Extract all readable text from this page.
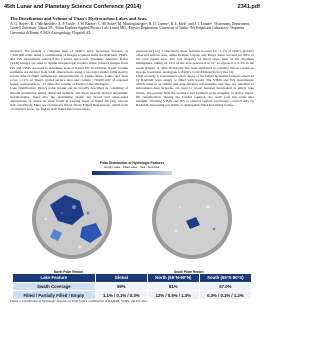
45th Lunar and Planetary Science Conference (2014)	2341.pdf
The Distribution and Volume of Titan’s Hydrocarbon Lakes and Seas.
A. G. Hayes¹, R. J. Michaelides¹, E. P. Turtle², J. W. Barnes³, C. M. Sotin⁴, M. Mastrogiuseppe⁵, R. D. Lorenz², R. L. Kirk⁶, and J. I. Lunine¹. ¹Astronomy Department, Cornell University, Ithaca NY; ²Johns Hopkins Applied Physics Lab; Laurel MD; ³Physics Department, University of Idaho; ⁴Jet Propulsion Laboratory; ⁵Sapienza Università di Roma; ⁶USGS Astrogeology, Flagstaff AZ.

Abstract: We present a complete map of Titan’s polar lacustrine features, at 1:100,000 scale, using a combination of images acquired using the RADAR, VIMS, and ISS instruments onboard the Cassini spacecraft. Synthetic Aperture Radar (SAR) images are used to define morphologic borders while infrared images from ISS and VIMS are used to determine state of liquid fill. In addition, liquid volume estimates are derived from SAR observations using a two-layer model calibrated by recent time-of-flight bathymetric measurements of Ligeia Mare. Lakes and Seas cover ~1.1% of Titan’s global surface area and contain ~70,000 km³ of exposed liquid, comparable to ~15 times the volume of Earth’s Lake Michigan.

Lake Distribution: Titan’s polar terrain can be broadly described as consisting of smooth undulating plains, dissected uplands, and more heavily incised labyrinthic morphologies. Inset into the undulating plains are broad and steep-sided depressions, of which we have found in varying states of liquid fill (dry, various mm, and filled). Mare are exclusively filled; Sharp-Edged Depressions, which form on exposed areas, we find in both liquid-filled and empty.

proportions [1,2]. Collectively, these features account for ~1.1% of Titan’s globally observed surface area, while Kraken, Ligeia, and Punga Mare account for 80% of the total liquid area. The vast majority of filled lakes exist in the Northern hemisphere, taking up 12% of the area poleward of 55° as opposed to 0.3% in the south (Figure 1). This dichotomy has been attributed to orbitally driven variations in solar insolation, analogous to Earth’s Croll-Milankovich cycles [2].

Until recently, it was unknown how many of the bright lacustrine features observed by RADAR were empty or filled with liquid. The VIMS and ISS instruments, which observe at visible and near-infrared wavelengths and thus are sensitive to micrometer-deep deposits, are used to reveal features interpreted as empty lake basins. We present both the northern and southern polar mapping to derive liquid-fill classification. During the Cassini equinox, the north pole has come into sunlight, allowing VIMS and ISS to observe regions previously covered only by RADAR, increasing our ability to distinguish filled and empty basins.

Polar Distribution of Hydrologic Features
Empty Lake · Filled Lake · Sea · Granular
North Polar Region	South Polar Region
Lake Feature	Global	North (55°N-90°N)	South (55°S-90°S)
Swath Coverage	59%	81%	67.0%
Filled / Partially Filled / Empty	1.1% / 0.1% / 0.3%	12% / 0.9% / 1.3%	0.3% / 0.1% / 1.2%
Figure 1: Distribution of hydrologic features on Titan from a combination of RADAR, VIMS, and ISS data.
